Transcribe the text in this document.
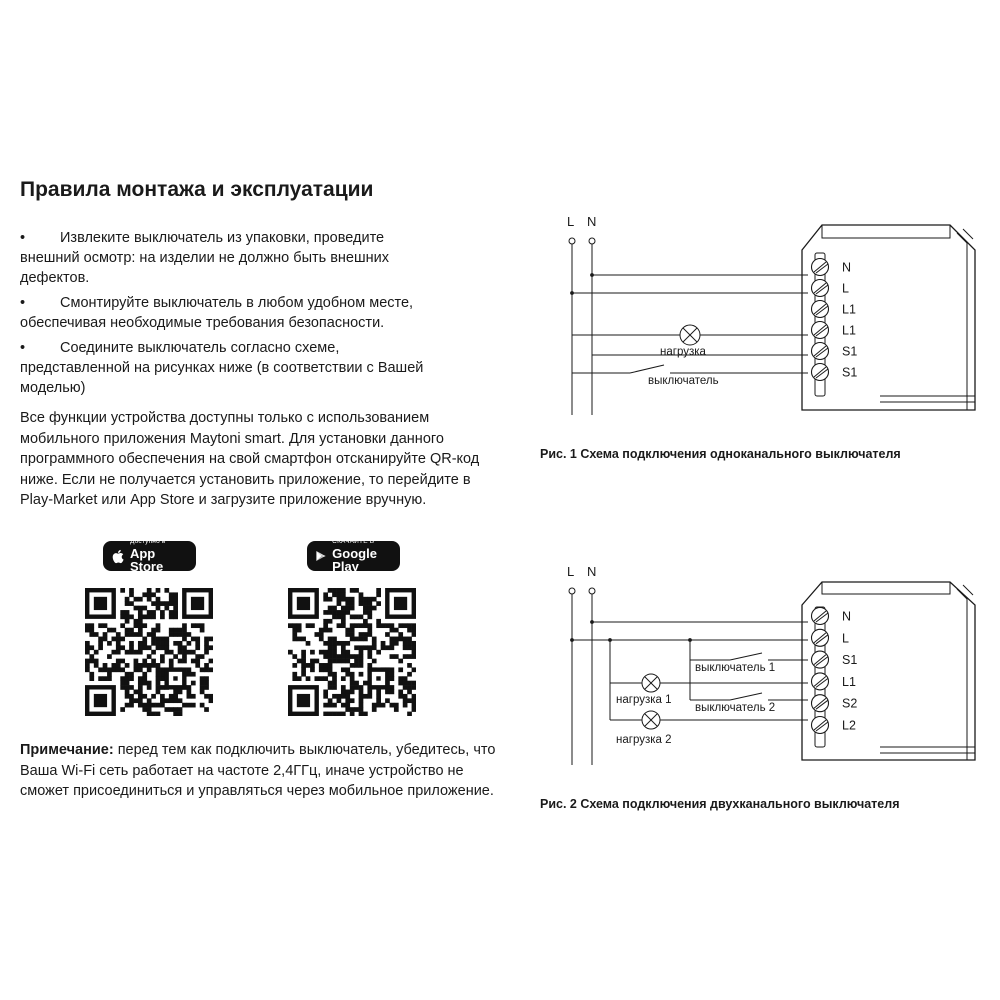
Правила монтажа и эксплуатации
• Извлеките выключатель из упаковки, проведите внешний осмотр: на изделии не должно быть внешних дефектов.
• Смонтируйте выключатель в любом удобном месте, обеспечивая необходимые требования безопасности.
• Соедините выключатель согласно схеме, представленной на рисунках ниже (в соответствии с Вашей моделью)

Все функции устройства доступны только с использованием мобильного приложения Maytoni smart. Для установки данного программного обеспечения на свой смартфон отсканируйте QR-код ниже. Если не получается установить приложение, то перейдите в Play-Market или App Store и загрузите приложение вручную.

Доступно в
App Store
СКАЧАЙТЕ В
Google Play

Примечание: перед тем как подключить выключатель, убедитесь, что Ваша Wi-Fi сеть работает на частоте 2,4ГГц, иначе устройство не сможет присоединиться и управляться через мобильное приложение.

N
L
L1
L1
S1
S1
L N
нагрузка
выключатель

Рис. 1 Схема подключения одноканального выключателя

N
L
S1
L1
S2
L2
L N
нагрузка 1
нагрузка 2
выключатель 1
выключатель 2

Рис. 2 Схема подключения двухканального выключателя
